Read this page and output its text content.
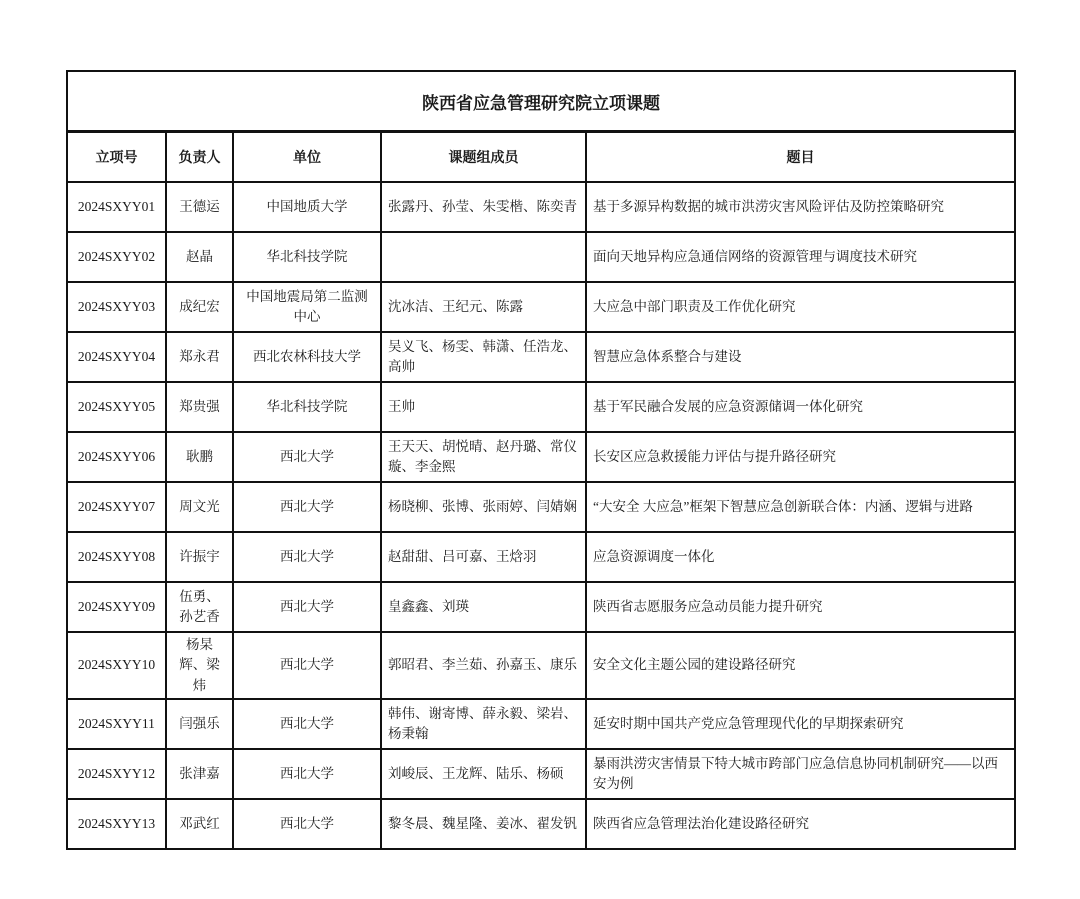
陕西省应急管理研究院立项课题				
立项号	负责人	单位	课题组成员	题目
2024SXYY01	王德运	中国地质大学	张露丹、孙莹、朱雯楷、陈奕青	基于多源异构数据的城市洪涝灾害风险评估及防控策略研究
2024SXYY02	赵晶	华北科技学院		面向天地异构应急通信网络的资源管理与调度技术研究
2024SXYY03	成纪宏	中国地震局第二监测中心	沈冰洁、王纪元、陈露	大应急中部门职责及工作优化研究
2024SXYY04	郑永君	西北农林科技大学	吴义飞、杨雯、韩潇、任浩龙、高帅	智慧应急体系整合与建设
2024SXYY05	郑贵强	华北科技学院	王帅	基于军民融合发展的应急资源储调一体化研究
2024SXYY06	耿鹏	西北大学	王天天、胡悦晴、赵丹璐、常仪璇、李金熙	长安区应急救援能力评估与提升路径研究
2024SXYY07	周文光	西北大学	杨晓柳、张博、张雨婷、闫婧娴	“大安全 大应急”框架下智慧应急创新联合体：内涵、逻辑与进路
2024SXYY08	许振宇	西北大学	赵甜甜、吕可嘉、王焓羽	应急资源调度一体化
2024SXYY09	伍勇、孙艺香	西北大学	皇鑫鑫、刘瑛	陕西省志愿服务应急动员能力提升研究
2024SXYY10	杨杲辉、梁炜	西北大学	郭昭君、李兰茹、孙嘉玉、康乐	安全文化主题公园的建设路径研究
2024SXYY11	闫强乐	西北大学	韩伟、谢寄博、薛永毅、梁岩、杨秉翰	延安时期中国共产党应急管理现代化的早期探索研究
2024SXYY12	张津嘉	西北大学	刘峻辰、王龙辉、陆乐、杨硕	暴雨洪涝灾害情景下特大城市跨部门应急信息协同机制研究——以西安为例
2024SXYY13	邓武红	西北大学	黎冬晨、魏星隆、姜冰、翟发钒	陕西省应急管理法治化建设路径研究
